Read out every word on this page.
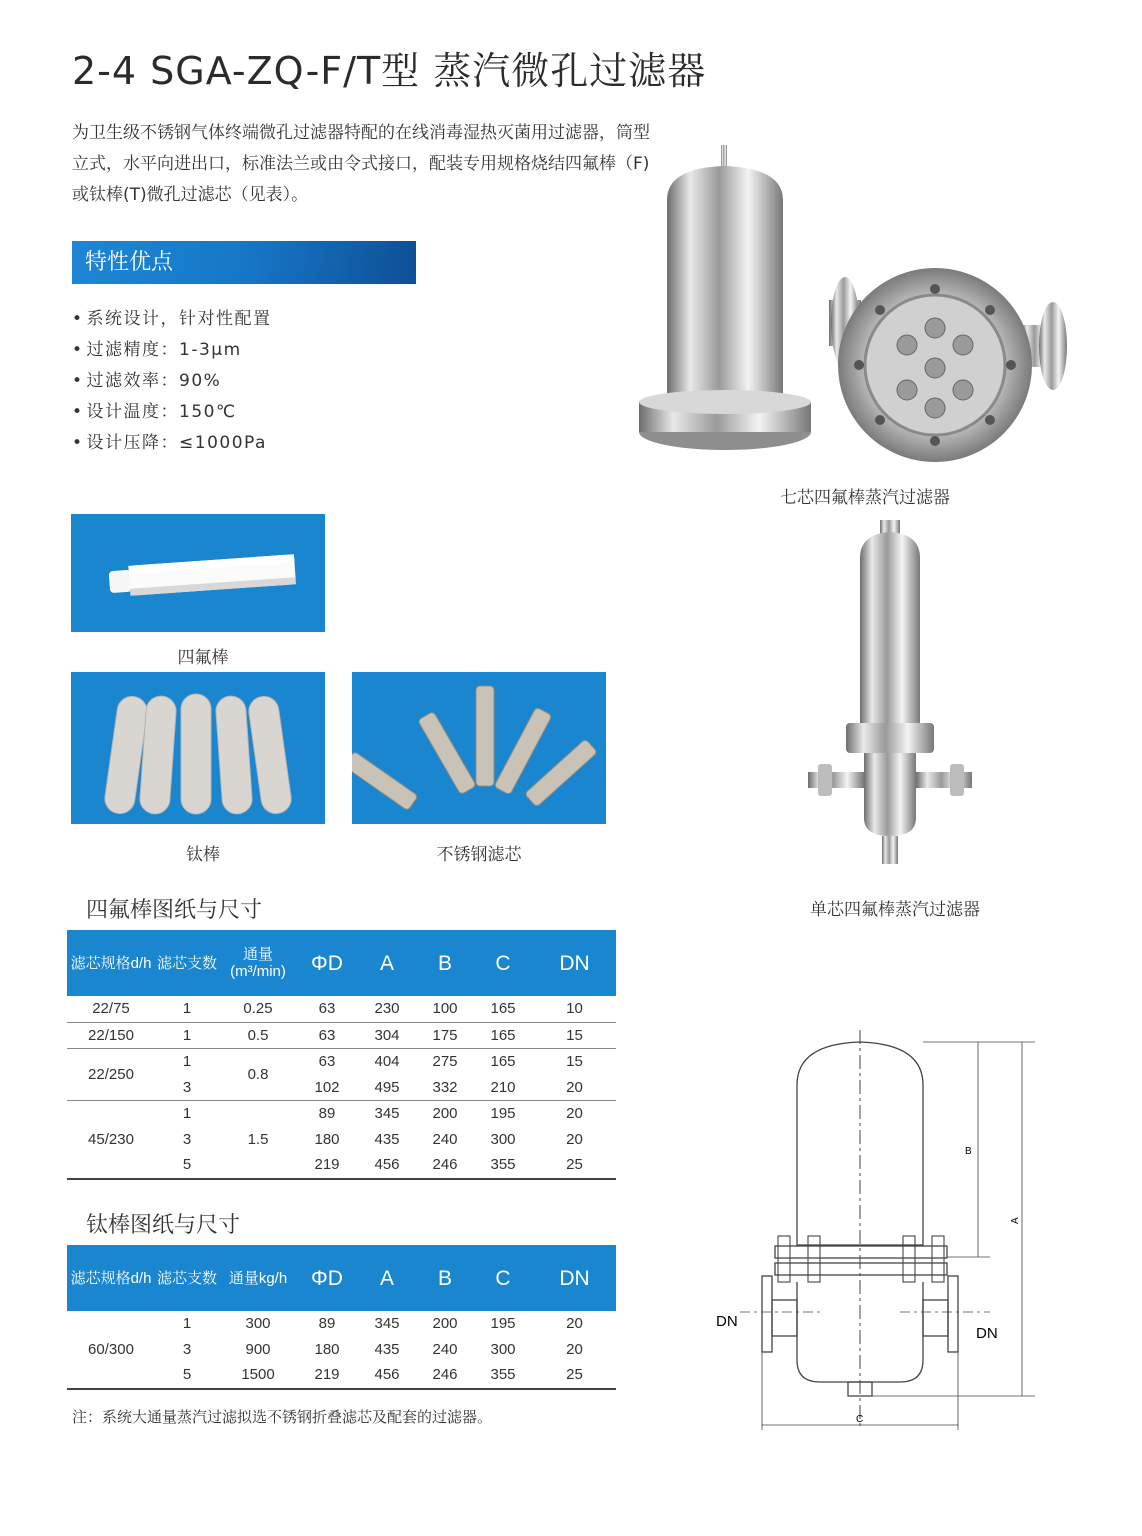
2-4 SGA-ZQ-F/T型 蒸汽微孔过滤器

为卫生级不锈钢气体终端微孔过滤器特配的在线消毒湿热灭菌用过滤器，筒型立式，水平向进出口，标准法兰或由令式接口，配装专用规格烧结四氟棒（F)或钛棒(T)微孔过滤芯（见表）。

特性优点
• 系统设计，针对性配置
• 过滤精度：1-3μm
• 过滤效率：90%
• 设计温度：150℃
• 设计压降：≤1000Pa
七芯四氟棒蒸汽过滤器
四氟棒
钛棒	不锈钢滤芯
单芯四氟棒蒸汽过滤器
四氟棒图纸与尺寸
滤芯规格d/h	滤芯支数	通量(m³/min)	ΦD	A	B	C	DN
22/75	1	0.25	63	230	100	165	10
22/150	1	0.5	63	304	175	165	15
22/250	1	0.8	63	404	275	165	15
	3		102	495	332	210	20
45/230	1	1.5	89	345	200	195	20
	3		180	435	240	300	20
	5		219	456	246	355	25
钛棒图纸与尺寸
滤芯规格d/h	滤芯支数	通量kg/h	ΦD	A	B	C	DN
60/300	1	300	89	345	200	195	20
	3	900	180	435	240	300	20
	5	1500	219	456	246	355	25
注：系统大通量蒸汽过滤拟选不锈钢折叠滤芯及配套的过滤器。
B
A
C
DN
DN
